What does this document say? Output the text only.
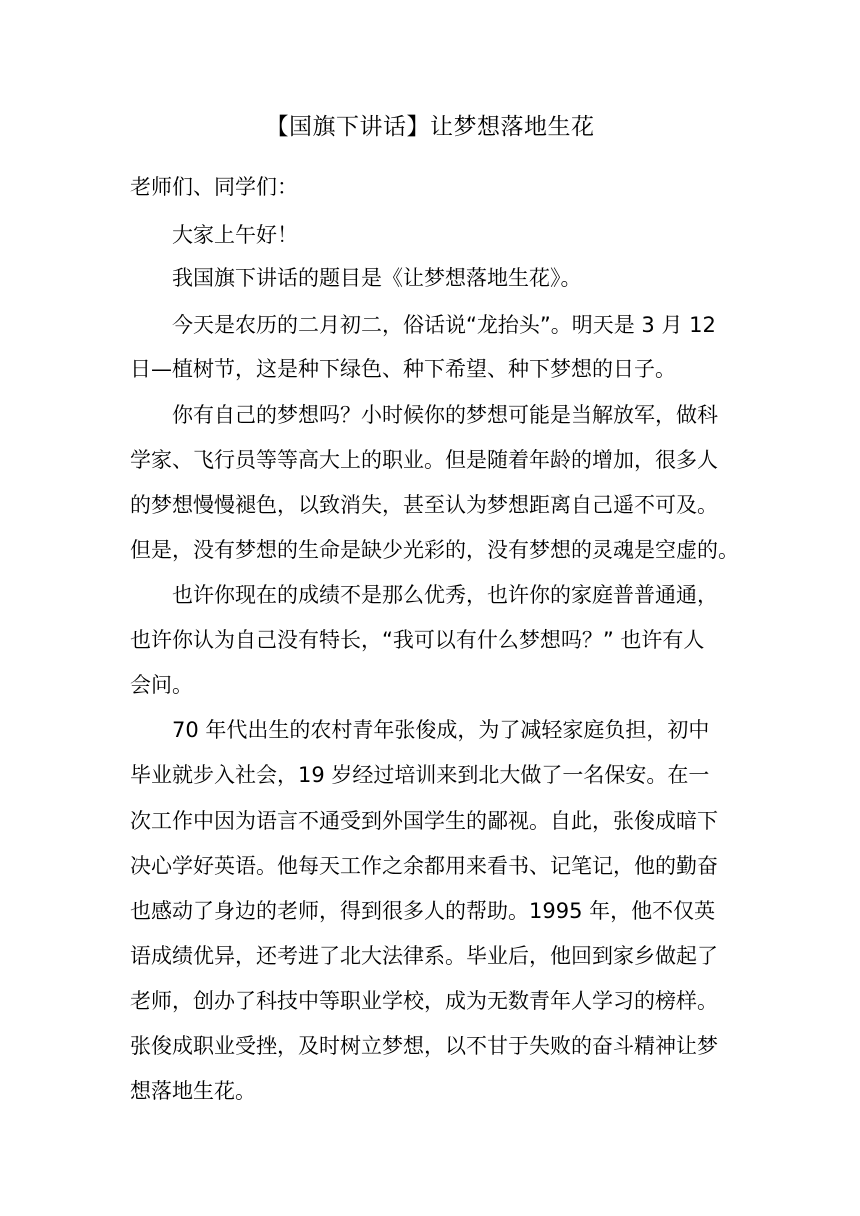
【国旗下讲话】让梦想落地生花

老师们、同学们：

大家上午好！

我国旗下讲话的题目是《让梦想落地生花》。

今天是农历的二月初二，俗话说“龙抬头”。明天是 3 月 12

日—植树节，这是种下绿色、种下希望、种下梦想的日子。

你有自己的梦想吗？小时候你的梦想可能是当解放军，做科

学家、飞行员等等高大上的职业。但是随着年龄的增加，很多人

的梦想慢慢褪色，以致消失，甚至认为梦想距离自己遥不可及。

但是，没有梦想的生命是缺少光彩的，没有梦想的灵魂是空虚的。

也许你现在的成绩不是那么优秀，也许你的家庭普普通通，

也许你认为自己没有特长，“我可以有什么梦想吗？” 也许有人

会问。

70 年代出生的农村青年张俊成，为了减轻家庭负担，初中

毕业就步入社会，19 岁经过培训来到北大做了一名保安。在一

次工作中因为语言不通受到外国学生的鄙视。自此，张俊成暗下

决心学好英语。他每天工作之余都用来看书、记笔记，他的勤奋

也感动了身边的老师，得到很多人的帮助。1995 年，他不仅英

语成绩优异，还考进了北大法律系。毕业后，他回到家乡做起了

老师，创办了科技中等职业学校，成为无数青年人学习的榜样。

张俊成职业受挫，及时树立梦想，以不甘于失败的奋斗精神让梦

想落地生花。
